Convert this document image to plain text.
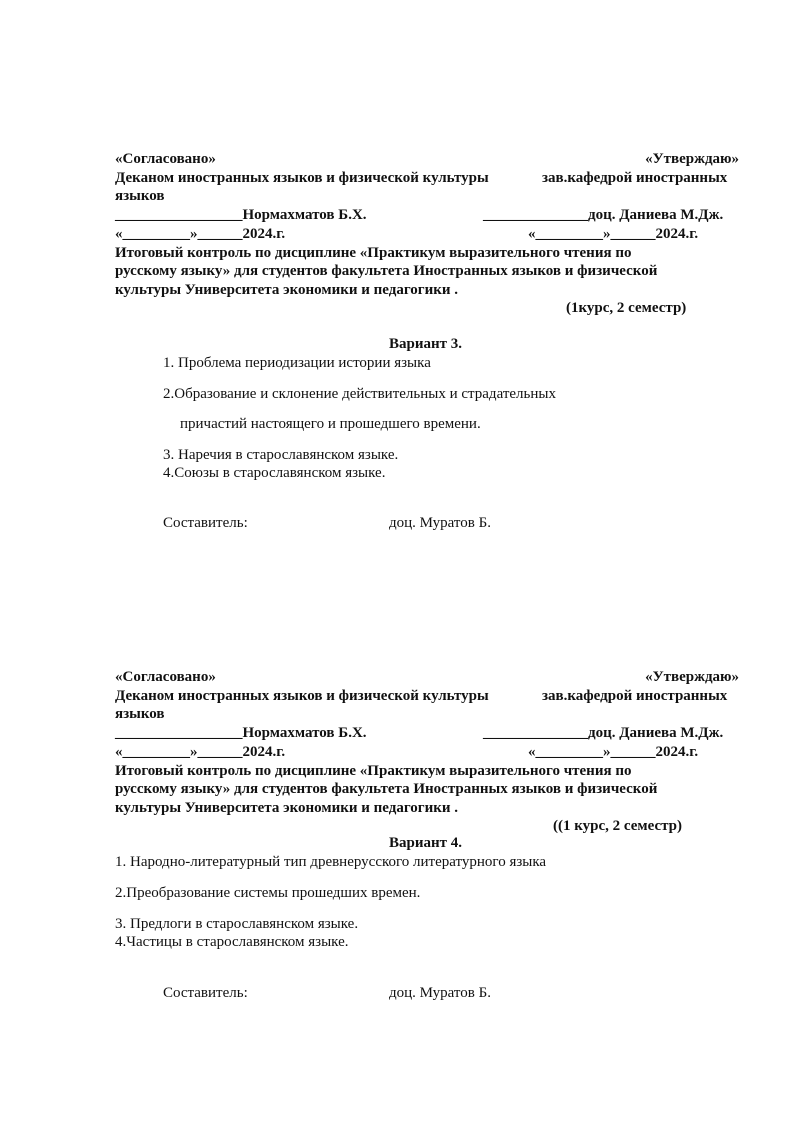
«Согласовано»	«Утверждаю»
Деканом иностранных языков и физической культуры	зав.кафедрой иностранных
языков
_________________Нормахматов Б.Х.	______________доц. Даниева М.Дж.
«_________»______2024.г.	«_________»______2024.г.
Итоговый контроль по дисциплине «Практикум выразительного чтения по
русскому языку» для студентов факультета Иностранных языков и физической
культуры Университета экономики и педагогики .
(1курс, 2 семестр)
Вариант 3.
1. Проблема периодизации истории языка
2.Образование и склонение действительных и страдательных
причастий настоящего и прошедшего времени.
3. Наречия в старославянском языке.
4.Союзы в старославянском языке.
Составитель:	доц. Муратов Б.
«Согласовано»	«Утверждаю»
Деканом иностранных языков и физической культуры	зав.кафедрой иностранных
языков
_________________Нормахматов Б.Х.	______________доц. Даниева М.Дж.
«_________»______2024.г.	«_________»______2024.г.
Итоговый контроль по дисциплине «Практикум выразительного чтения по
русскому языку» для студентов факультета Иностранных языков и физической
культуры Университета экономики и педагогики .
((1 курс, 2 семестр)
Вариант 4.
1. Народно-литературный тип древнерусского литературного языка
2.Преобразование системы прошедших времен.
3. Предлоги в старославянском языке.
4.Частицы в старославянском языке.
Составитель:	доц. Муратов Б.
